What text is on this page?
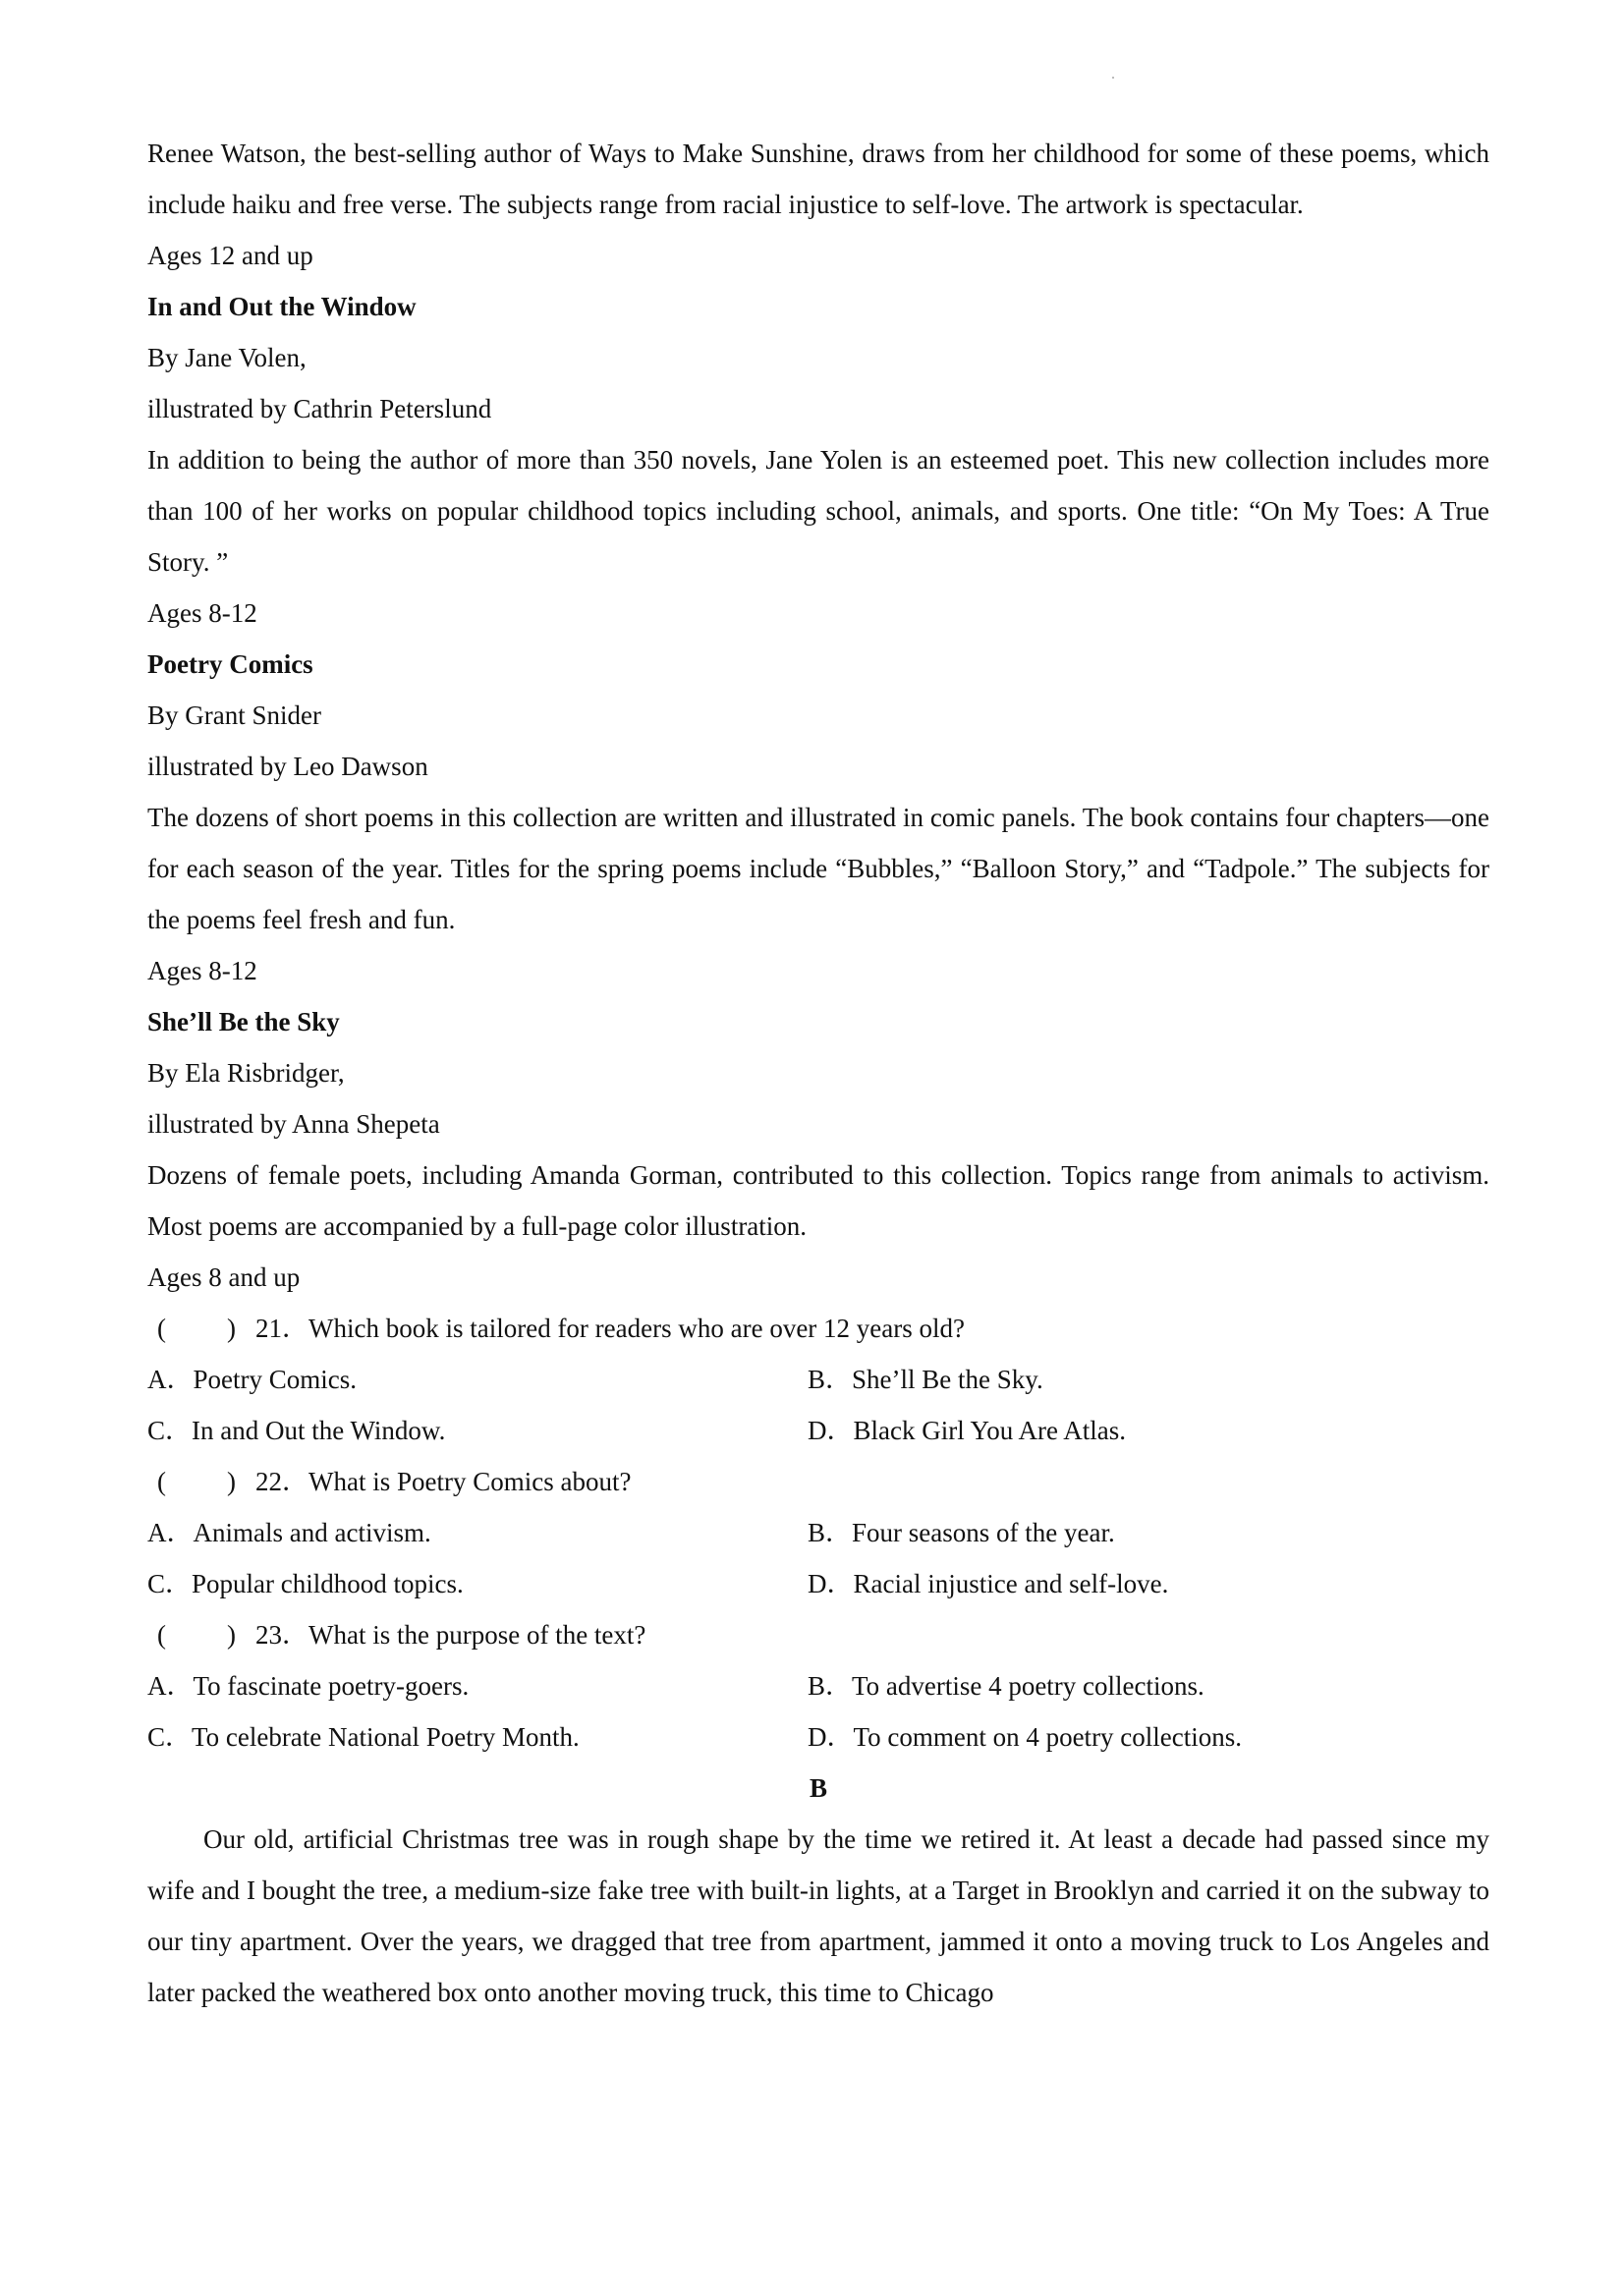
Renee Watson, the best-selling author of Ways to Make Sunshine, draws from her childhood for some of these poems, which include haiku and free verse. The subjects range from racial injustice to self-love. The artwork is spectacular.
Ages 12 and up
In and Out the Window
By Jane Volen,
illustrated by Cathrin Peterslund
In addition to being the author of more than 350 novels, Jane Yolen is an esteemed poet. This new collection includes more than 100 of her works on popular childhood topics including school, animals, and sports. One title: “On My Toes: A True Story. ”
Ages 8-12
Poetry Comics
By Grant Snider
illustrated by Leo Dawson
The dozens of short poems in this collection are written and illustrated in comic panels. The book contains four chapters—one for each season of the year. Titles for the spring poems include “Bubbles,” “Balloon Story,” and “Tadpole.” The subjects for the poems feel fresh and fun.
Ages 8-12
She’ll Be the Sky
By Ela Risbridger,
illustrated by Anna Shepeta
Dozens of female poets, including Amanda Gorman, contributed to this collection. Topics range from animals to activism. Most poems are accompanied by a full-page color illustration.
Ages 8 and up
( ) 21．Which book is tailored for readers who are over 12 years old?
A．Poetry Comics.	B．She’ll Be the Sky.
C．In and Out the Window.	D．Black Girl You Are Atlas.
( ) 22．What is Poetry Comics about?
A．Animals and activism.	B．Four seasons of the year.
C．Popular childhood topics.	D．Racial injustice and self-love.
( ) 23．What is the purpose of the text?
A．To fascinate poetry-goers.	B．To advertise 4 poetry collections.
C．To celebrate National Poetry Month.	D．To comment on 4 poetry collections.
B
Our old, artificial Christmas tree was in rough shape by the time we retired it. At least a decade had passed since my wife and I bought the tree, a medium-size fake tree with built-in lights, at a Target in Brooklyn and carried it on the subway to our tiny apartment. Over the years, we dragged that tree from apartment, jammed it onto a moving truck to Los Angeles and later packed the weathered box onto another moving truck, this time to Chicago
